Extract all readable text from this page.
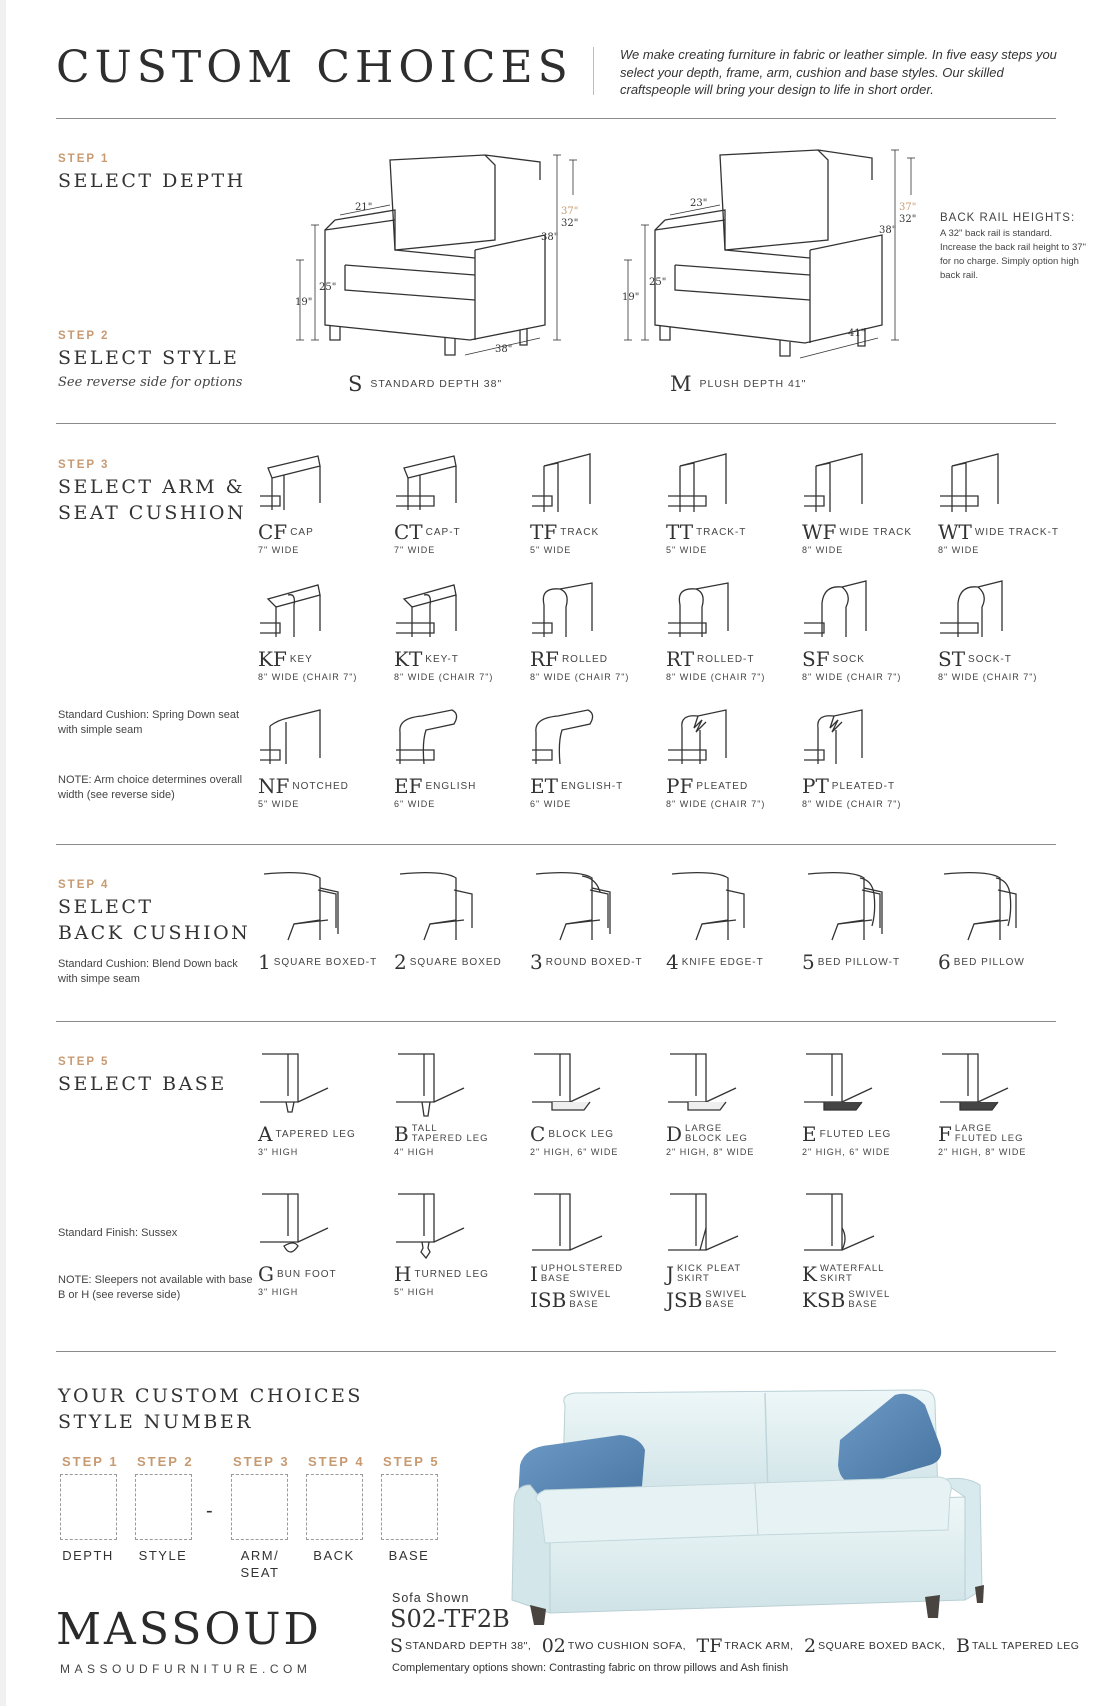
CUSTOM CHOICES	We make creating furniture in fabric or leather simple. In five easy steps you select your depth, frame, arm, cushion and base styles. Our skilled craftspeople will bring your design to life in short order.

STEP 1
SELECT DEPTH
STEP 2
SELECT STYLE
See reverse side for options
21"
25"
19"
38"
37"
32"
38"
SSTANDARD DEPTH 38"
23"
25"
19"
38"
37"
32"
41"
MPLUSH DEPTH 41"
BACK RAIL HEIGHTS:
A 32" back rail is standard. Increase the back rail height to 37" for no charge. Simply option high back rail.
STEP 3
SELECT ARM &
SEAT CUSHION
Standard Cushion: Spring Down seat with simple seam
NOTE: Arm choice determines overall width (see reverse side)
CF CAP
7" WIDE
CT CAP-T
7" WIDE
TF TRACK
5" WIDE
TT TRACK-T
5" WIDE
WF WIDE TRACK
8" WIDE
WT WIDE TRACK-T
8" WIDE
KF KEY
8" WIDE (CHAIR 7")
KT KEY-T
8" WIDE (CHAIR 7")
RF ROLLED
8" WIDE (CHAIR 7")
RT ROLLED-T
8" WIDE (CHAIR 7")
SF SOCK
8" WIDE (CHAIR 7")
ST SOCK-T
8" WIDE (CHAIR 7")
NF NOTCHED
5" WIDE
EF ENGLISH
6" WIDE
ET ENGLISH-T
6" WIDE
PF PLEATED
8" WIDE (CHAIR 7")
PT PLEATED-T
8" WIDE (CHAIR 7")
STEP 4
SELECT
BACK CUSHION
Standard Cushion: Blend Down back with simpe seam
1 SQUARE BOXED-T 2 SQUARE BOXED	3 ROUND BOXED-T	4 KNIFE EDGE-T	5 BED PILLOW-T	6 BED PILLOW
STEP 5
SELECT BASE
Standard Finish: Sussex
NOTE: Sleepers not available with base B or H (see reverse side)
ATAPERED LEG
3" HIGH
B TALL
TAPERED LEG
4" HIGH
CBLOCK LEG
2" HIGH, 6" WIDE
D LARGE
BLOCK LEG
2" HIGH, 8" WIDE
EFLUTED LEG
2" HIGH, 6" WIDE
F LARGE
FLUTED LEG
2" HIGH, 8" WIDE
GBUN FOOT
3" HIGH
HTURNED LEG
5" HIGH
I UPHOLSTERED
BASE
ISB SWIVEL
BASE
J KICK PLEAT
SKIRT
JSB SWIVEL
BASE
K WATERFALL
SKIRT
KSB SWIVEL
BASE
YOUR CUSTOM CHOICES
STYLE NUMBER
STEP 1 STEP 2	STEP 3 STEP 4 STEP 5
-
DEPTH	STYLE	ARM/ SEAT
BACK	BASE
Sofa Shown
S02-TF2B
SSTANDARD DEPTH 38", 02 TWO CUSHION SOFA, TF TRACK ARM, 2 SQUARE BOXED BACK, B TALL TAPERED LEG
Complementary options shown: Contrasting fabric on throw pillows and Ash finish
MASSOUD
MASSOUDFURNITURE.COM
